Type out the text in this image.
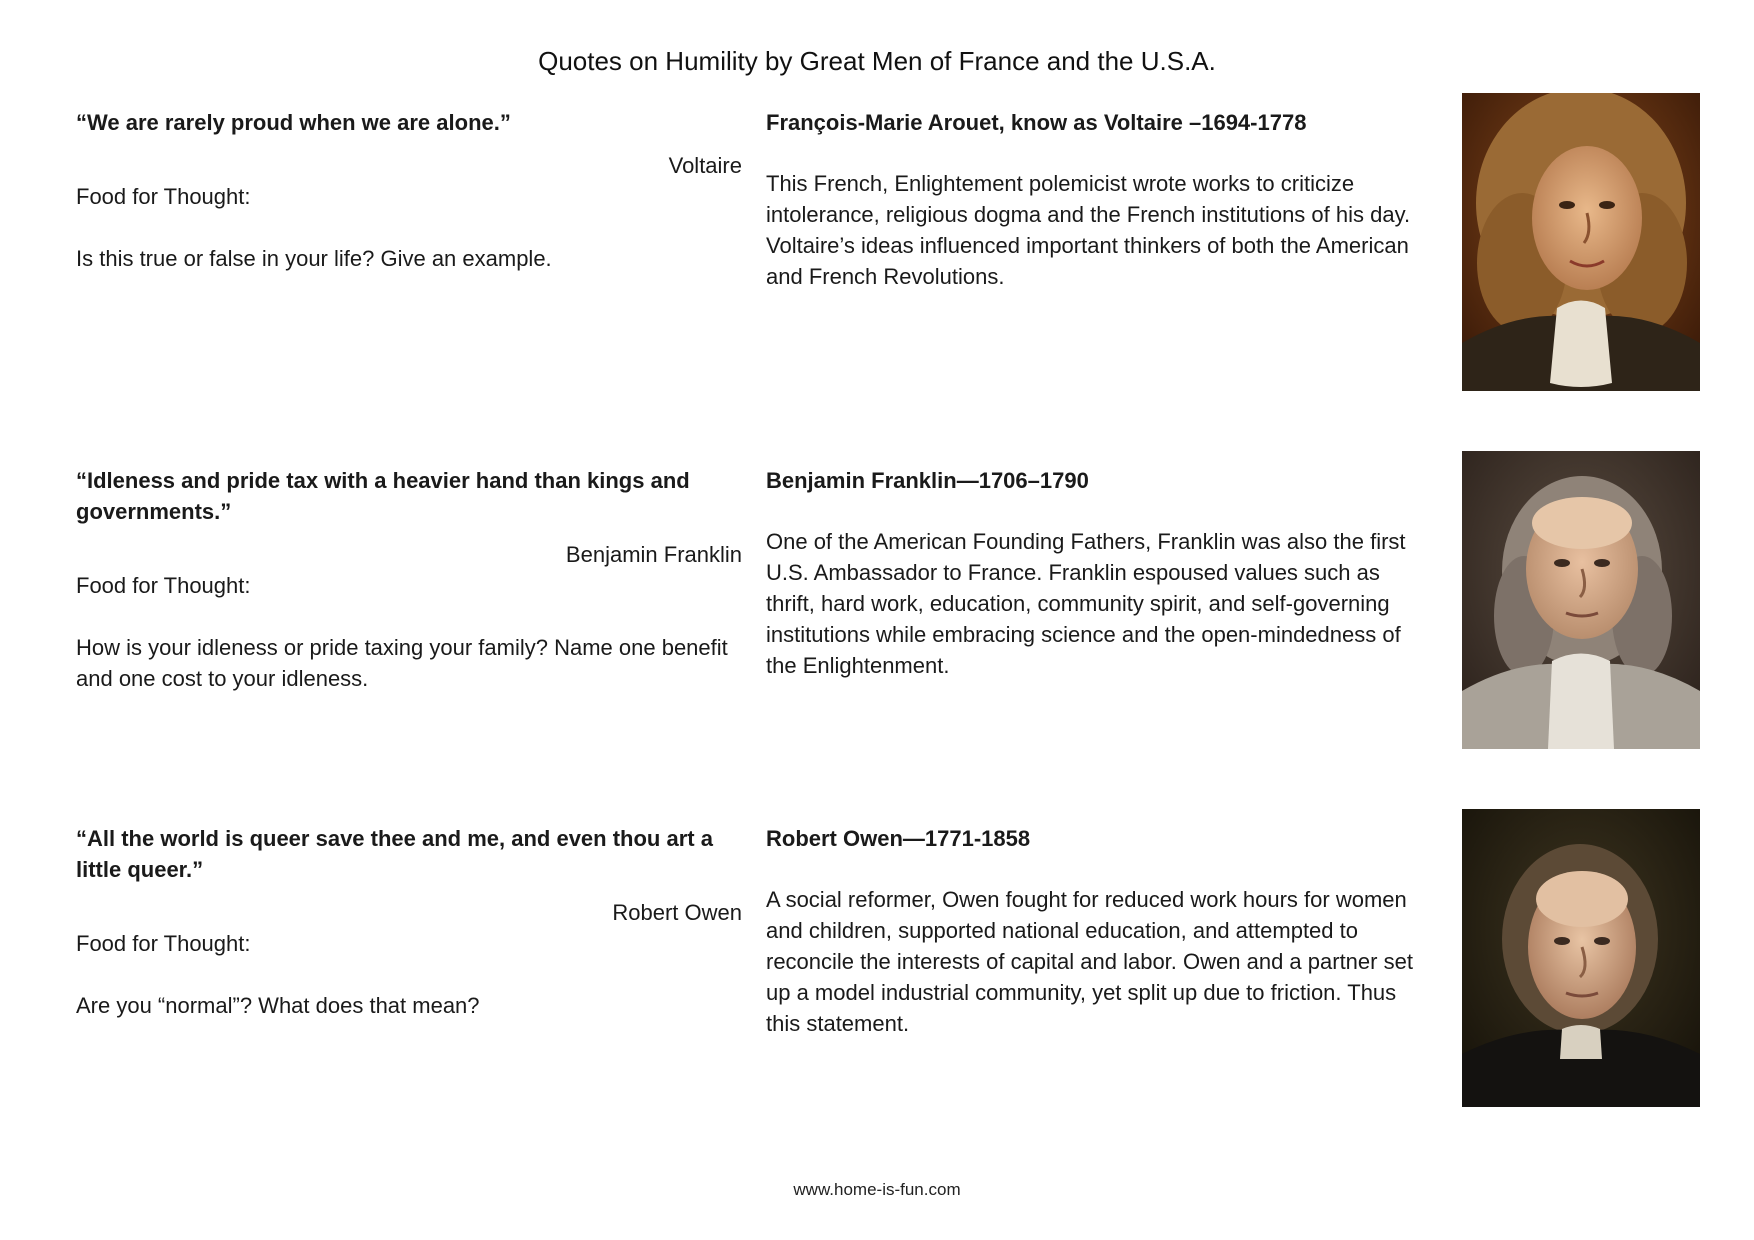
Quotes on Humility by Great Men of France and the U.S.A.

“We are rarely proud when we are alone.”

Voltaire

Food for Thought:

Is this true or false in your life? Give an example.

François-Marie Arouet, know as Voltaire –1694-1778

This French, Enlightement polemicist wrote works to criticize intolerance, religious dogma and the French institutions of his day. Voltaire’s ideas influenced important thinkers of both the American and French Revolutions.

“Idleness and pride tax with a heavier hand than kings and governments.”

Benjamin Franklin

Food for Thought:

How is your idleness or pride taxing your family? Name one benefit and one cost to your idleness.

Benjamin Franklin—1706–1790

One of the American Founding Fathers, Franklin was also the first U.S. Ambassador to France. Franklin espoused values such as thrift, hard work, education, community spirit, and self-governing institutions while embracing science and the open-mindedness of the Enlightenment.

“All the world is queer save thee and me, and even thou art a little queer.”

Robert Owen

Food for Thought:

Are you “normal”? What does that mean?

Robert Owen—1771-1858

A social reformer, Owen fought for reduced work hours for women and children, supported national education, and attempted to reconcile the interests of capital and labor. Owen and a partner set up a model industrial community, yet split up due to friction. Thus this statement.

www.home-is-fun.com
